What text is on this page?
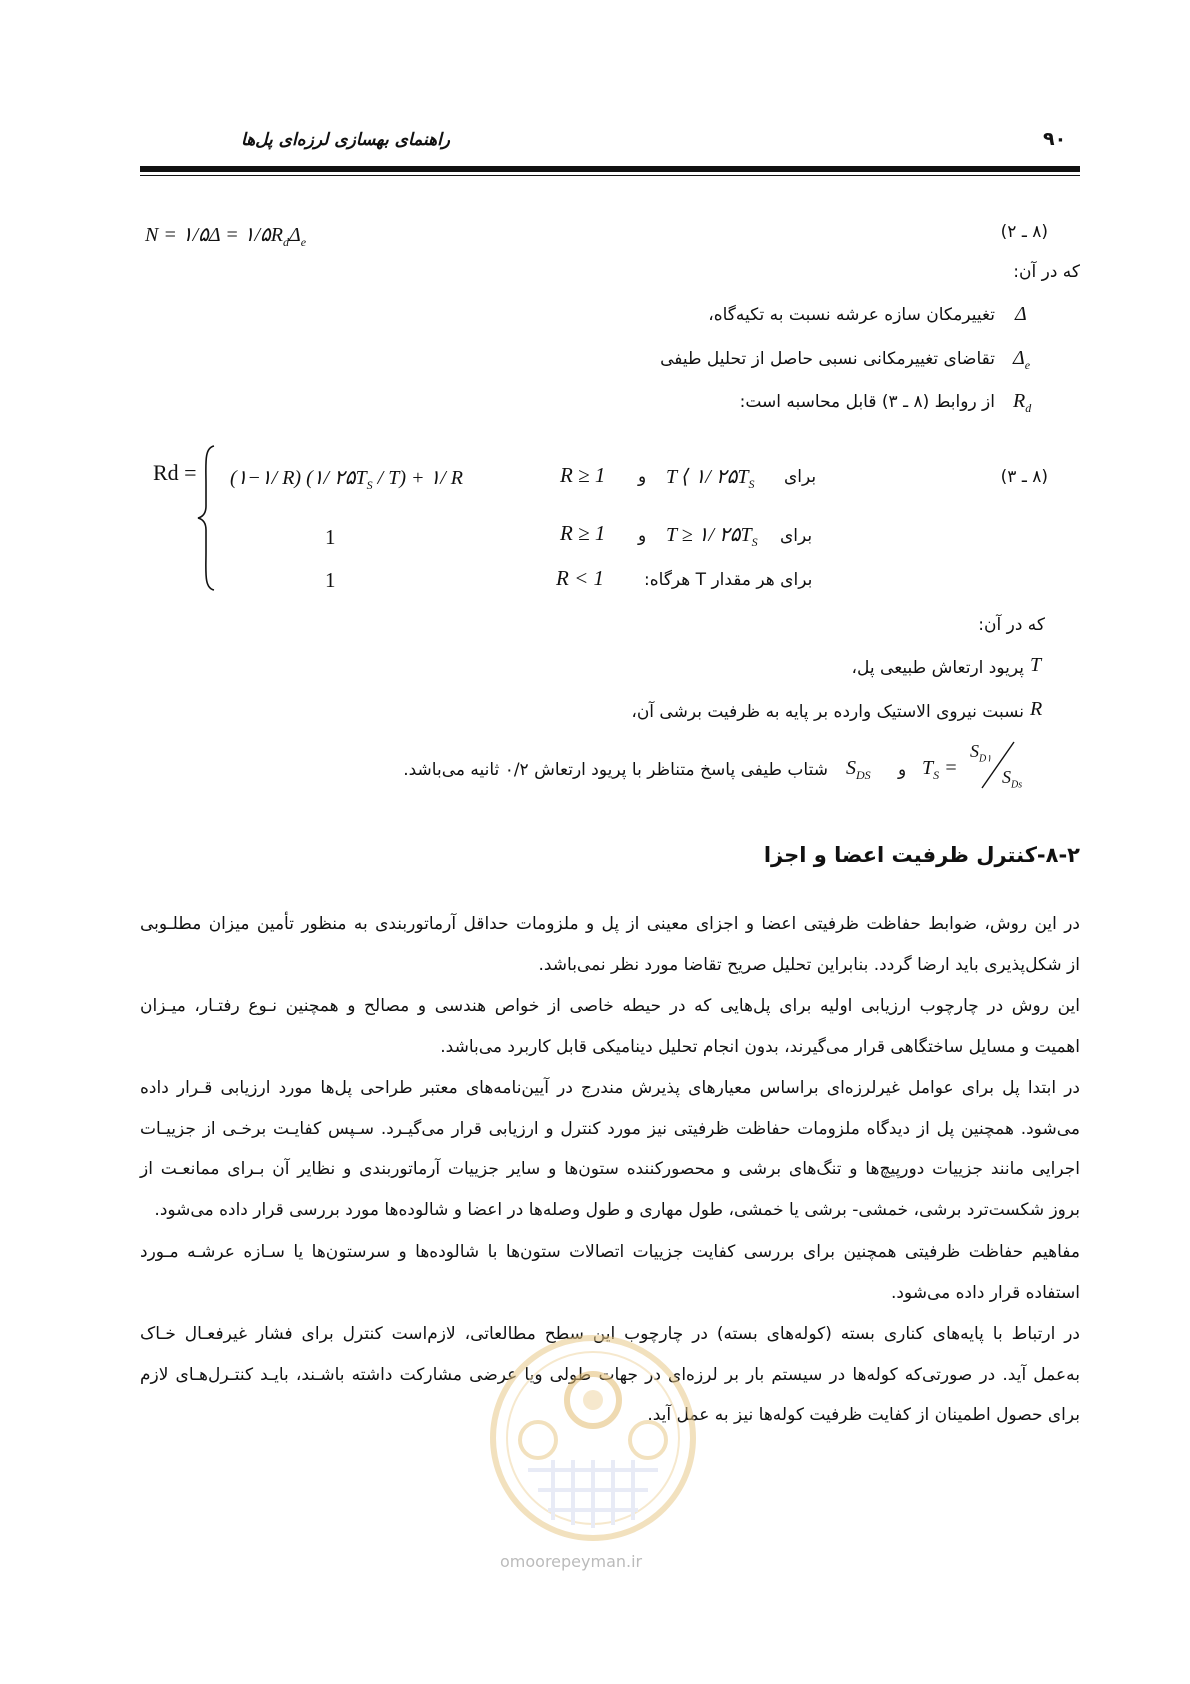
راهنمای بهسازی لرزه‌ای پل‌ها	۹۰
N = ۱/۵Δ = $۱/۵R_d\Delta_e$	(۸ ـ ۲)
که در آن:
Δ
تغییرمکان سازه عرشه نسبت به تکیه‌گاه،
$\Delta_e$
تقاضای تغییرمکانی نسبی حاصل از تحلیل طیفی
$R_d$
از روابط (۸ ـ ۳) قابل محاسبه است:
Rd = (۱−۱/ R) (۱/ $۲۵T_S / T$) + ۱/ R	R ≥ 1 و T ⟨ ۱/ $۲۵T_S$ برای	(۸ ـ ۳)
1	R ≥ 1 و T ≥ ۱/ $۲۵T_S$ برای
1	R < 1 برای هر مقدار T هرگاه:
که در آن:
T
پریود ارتعاش طبیعی پل،
R
نسبت نیروی الاستیک وارده بر پایه به ظرفیت برشی آن،
$T_S$ =
$S_{D۱}$
$S_{Ds}$
و
$S_{DS}$
شتاب طیفی پاسخ متناظر با پریود ارتعاش ۰/۲ ثانیه می‌باشد.
۸-۲-کنترل ظرفیت اعضا و اجزا

در این روش، ضوابط حفاظت ظرفیتی اعضا و اجزای معینی از پل و ملزومات حداقل آرماتوربندی به منظور تأمین میزان مطلـوبی

از شکل‌پذیری باید ارضا گردد. بنابراین تحلیل صریح تقاضا مورد نظر نمی‌باشد.

این روش در چارچوب ارزیابی اولیه برای پل‌هایی که در حیطه خاصی از خواص هندسی و مصالح و همچنین نـوع رفتـار، میـزان

اهمیت و مسایل ساختگاهی قرار می‌گیرند، بدون انجام تحلیل دینامیکی قابل کاربرد می‌باشد.

در ابتدا پل برای عوامل غیرلرزه‌ای براساس معیارهای پذیرش مندرج در آیین‌نامه‌های معتبر طراحی پل‌ها مورد ارزیابی قـرار داده

می‌شود. همچنین پل از دیدگاه ملزومات حفاظت ظرفیتی نیز مورد کنترل و ارزیابی قرار می‌گیـرد. سـپس کفایـت برخـی از جزییـات

اجرایی مانند جزییات دورپیچ‌ها و تنگ‌های برشی و محصورکننده ستون‌ها و سایر جزییات آرماتوربندی و نظایر آن بـرای ممانعـت از

بروز شکست‌ترد برشی، خمشی- برشی یا خمشی، طول مهاری و طول وصله‌ها در اعضا و شالوده‌ها مورد بررسی قرار داده می‌شود.

مفاهیم حفاظت ظرفیتی همچنین برای بررسی کفایت جزییات اتصالات ستون‌ها با شالوده‌ها و سرستون‌ها یا سـازه عرشـه مـورد

استفاده قرار داده می‌شود.

در ارتباط با پایه‌های کناری بسته (کوله‌های بسته) در چارچوب این سطح مطالعاتی، لازم‌است کنترل برای فشار غیرفعـال خـاک

به‌عمل آید. در صورتی‌که کوله‌ها در سیستم بار بر لرزه‌ای در جهات طولی ویا عرضی مشارکت داشته باشـند، بایـد کنتـرل‌هـای لازم

برای حصول اطمینان از کفایت ظرفیت کوله‌ها نیز به عمل آید.

omoorepeyman.ir
